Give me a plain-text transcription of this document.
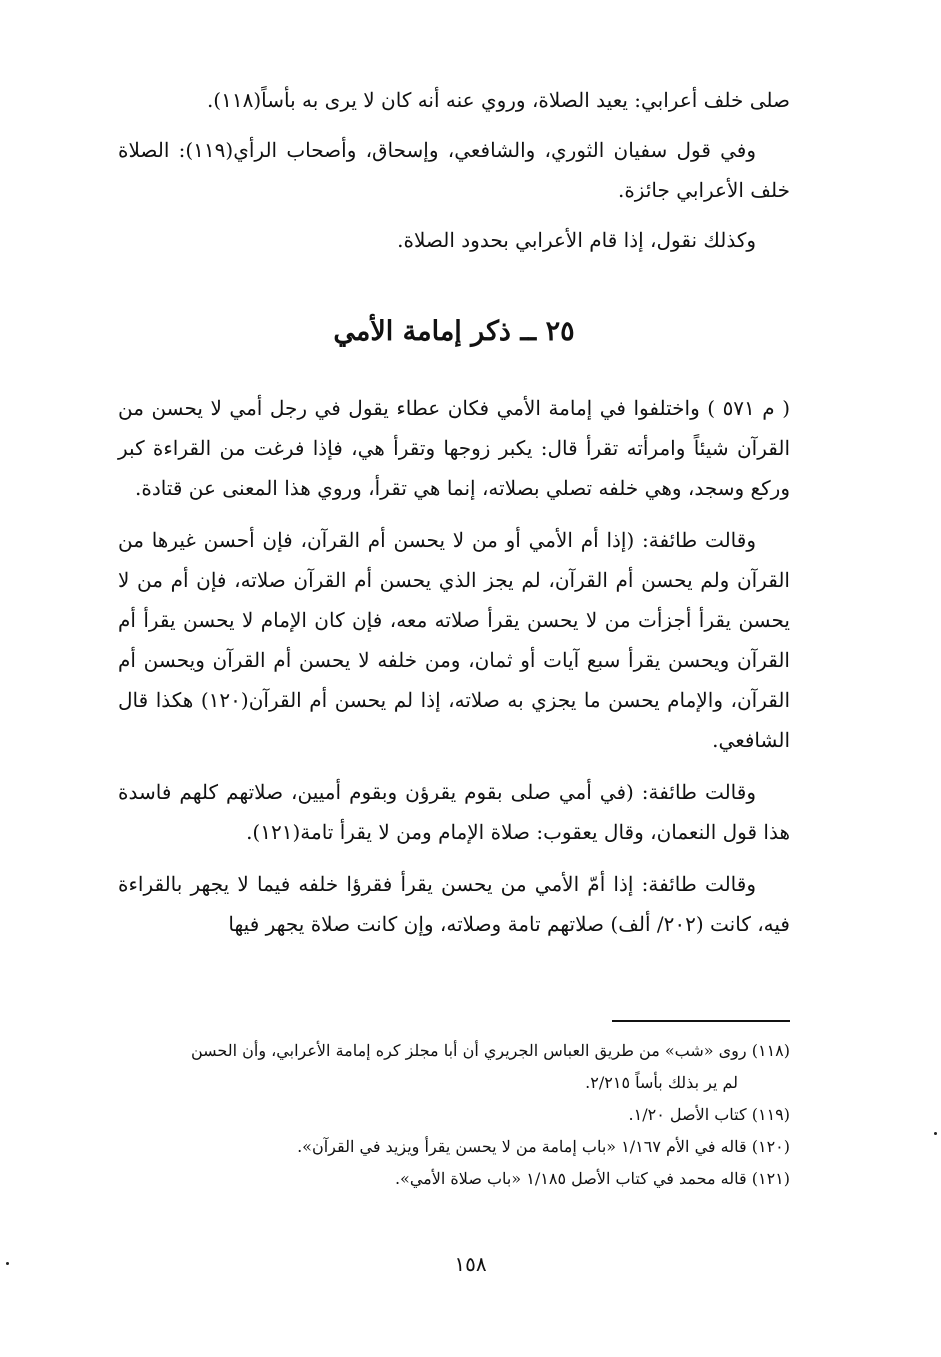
صلى خلف أعرابي: يعيد الصلاة، وروي عنه أنه كان لا يرى به بأساً(١١٨).

وفي قول سفيان الثوري، والشافعي، وإسحاق، وأصحاب الرأي(١١٩): الصلاة خلف الأعرابي جائزة.

وكذلك نقول، إذا قام الأعرابي بحدود الصلاة.

٢٥ ــ ذكر إمامة الأمي

( م ٥٧١ ) واختلفوا في إمامة الأمي فكان عطاء يقول في رجل أمي لا يحسن من القرآن شيئاً وامرأته تقرأ قال: يكبر زوجها وتقرأ هي، فإذا فرغت من القراءة كبر وركع وسجد، وهي خلفه تصلي بصلاته، إنما هي تقرأ، وروي هذا المعنى عن قتادة.

وقالت طائفة: (إذا أم الأمي أو من لا يحسن أم القرآن، فإن أحسن غيرها من القرآن ولم يحسن أم القرآن، لم يجز الذي يحسن أم القرآن صلاته، فإن أم من لا يحسن يقرأ أجزأت من لا يحسن يقرأ صلاته معه، فإن كان الإمام لا يحسن يقرأ أم القرآن ويحسن يقرأ سبع آيات أو ثمان، ومن خلفه لا يحسن أم القرآن ويحسن أم القرآن، والإمام يحسن ما يجزي به صلاته، إذا لم يحسن أم القرآن(١٢٠) هكذا قال الشافعي.

وقالت طائفة: (في أمي صلى بقوم يقرؤن وبقوم أميين، صلاتهم كلهم فاسدة هذا قول النعمان، وقال يعقوب: صلاة الإمام ومن لا يقرأ تامة(١٢١).

وقالت طائفة: إذا أمّ الأمي من يحسن يقرأ فقرؤا خلفه فيما لا يجهر بالقراءة فيه، كانت (٢٠٢/ ألف) صلاتهم تامة وصلاته، وإن كانت صلاة يجهر فيها

(١١٨) روى «شب» من طريق العباس الجريري أن أبا مجلز كره إمامة الأعرابي، وأن الحسن

لم ير بذلك بأساً ٢/٢١٥.

(١١٩) كتاب الأصل ١/٢٠.

(١٢٠) قاله في الأم ١/١٦٧ «باب إمامة من لا يحسن يقرأ ويزيد في القرآن».

(١٢١) قاله محمد في كتاب الأصل ١/١٨٥ «باب صلاة الأمي».

١٥٨
